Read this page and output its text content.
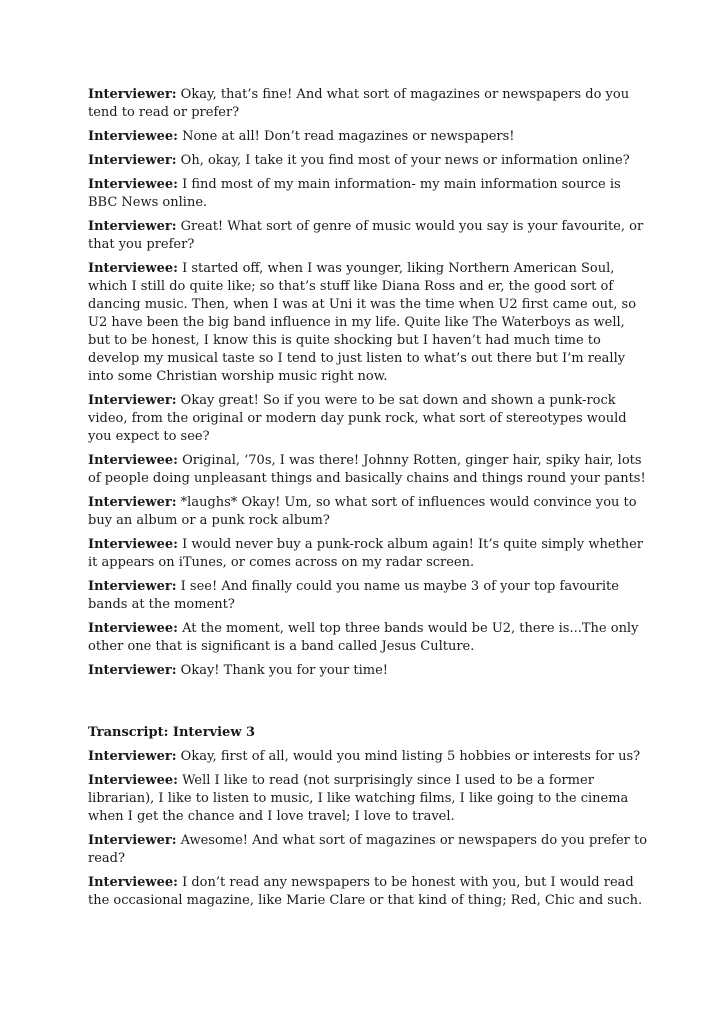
Interviewer: Okay, that’s fine! And what sort of magazines or newspapers do you tend to read or prefer?

Interviewee: None at all! Don’t read magazines or newspapers!

Interviewer: Oh, okay, I take it you find most of your news or information online?

Interviewee: I find most of my main information- my main information source is BBC News online.

Interviewer: Great! What sort of genre of music would you say is your favourite, or that you prefer?

Interviewee: I started off, when I was younger, liking Northern American Soul, which I still do quite like; so that’s stuff like Diana Ross and er, the good sort of dancing music. Then, when I was at Uni it was the time when U2 first came out, so U2 have been the big band influence in my life. Quite like The Waterboys as well, but to be honest, I know this is quite shocking but I haven’t had much time to develop my musical taste so I tend to just listen to what’s out there but I’m really into some Christian worship music right now.

Interviewer: Okay great! So if you were to be sat down and shown a punk-rock video, from the original or modern day punk rock, what sort of stereotypes would you expect to see?

Interviewee: Original, ‘70s, I was there! Johnny Rotten, ginger hair, spiky hair, lots of people doing unpleasant things and basically chains and things round your pants!

Interviewer: *laughs* Okay! Um, so what sort of influences would convince you to buy an album or a punk rock album?

Interviewee: I would never buy a punk-rock album again! It’s quite simply whether it appears on iTunes, or comes across on my radar screen.

Interviewer: I see! And finally could you name us maybe 3 of your top favourite bands at the moment?

Interviewee: At the moment, well top three bands would be U2, there is...The only other one that is significant is a band called Jesus Culture.

Interviewer: Okay! Thank you for your time!

Transcript: Interview 3

Interviewer: Okay, first of all, would you mind listing 5 hobbies or interests for us?

Interviewee: Well I like to read (not surprisingly since I used to be a former librarian), I like to listen to music, I like watching films, I like going to the cinema when I get the chance and I love travel; I love to travel.

Interviewer: Awesome! And what sort of magazines or newspapers do you prefer to read?

Interviewee: I don’t read any newspapers to be honest with you, but I would read the occasional magazine, like Marie Clare or that kind of thing; Red, Chic and such.
